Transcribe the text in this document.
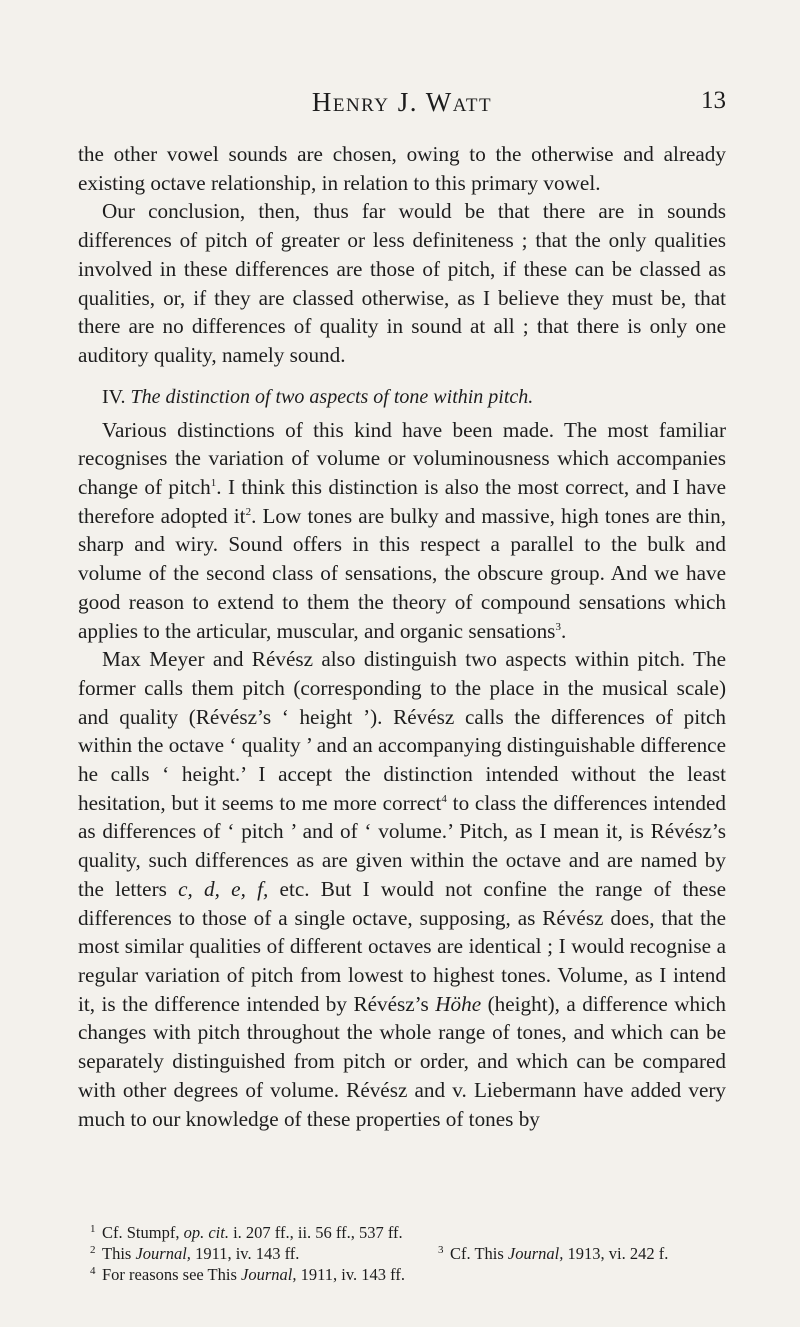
Henry J. Watt	13

the other vowel sounds are chosen, owing to the otherwise and already existing octave relationship, in relation to this primary vowel.

Our conclusion, then, thus far would be that there are in sounds differences of pitch of greater or less definiteness ; that the only qualities involved in these differences are those of pitch, if these can be classed as qualities, or, if they are classed otherwise, as I believe they must be, that there are no differences of quality in sound at all ; that there is only one auditory quality, namely sound.

IV. The distinction of two aspects of tone within pitch.

Various distinctions of this kind have been made. The most familiar recognises the variation of volume or voluminousness which accompanies change of pitch$^1$. I think this distinction is also the most correct, and I have therefore adopted $it^2$. Low tones are bulky and massive, high tones are thin, sharp and wiry. Sound offers in this respect a parallel to the bulk and volume of the second class of sensations, the obscure group. And we have good reason to extend to them the theory of compound sensations which applies to the articular, muscular, and organic sensations$^3$.

Max Meyer and Révész also distinguish two aspects within pitch. The former calls them pitch (corresponding to the place in the musical scale) and quality (Révész’s ‘ height ’). Révész calls the differences of pitch within the octave ‘ quality ’ and an accompanying distinguishable difference he calls ‘ height.’ I accept the distinction intended without the least hesitation, but it seems to me more correct$^4$ to class the differences intended as differences of ‘ pitch ’ and of ‘ volume.’ Pitch, as I mean it, is Révész’s quality, such differences as are given within the octave and are named by the letters c, d, e, f, etc. But I would not confine the range of these differences to those of a single octave, supposing, as Révész does, that the most similar qualities of different octaves are identical ; I would recognise a regular variation of pitch from lowest to highest tones. Volume, as I intend it, is the difference intended by Révész’s Höhe (height), a difference which changes with pitch throughout the whole range of tones, and which can be separately distinguished from pitch or order, and which can be compared with other degrees of volume. Révész and v. Liebermann have added very much to our knowledge of these properties of tones by

1 Cf. Stumpf, op. cit. i. 207 ff., ii. 56 ff., 537 ff.
2 This Journal, 1911, iv. 143 ff.	3 Cf. This Journal, 1913, vi. 242 f.
4 For reasons see This Journal, 1911, iv. 143 ff.
